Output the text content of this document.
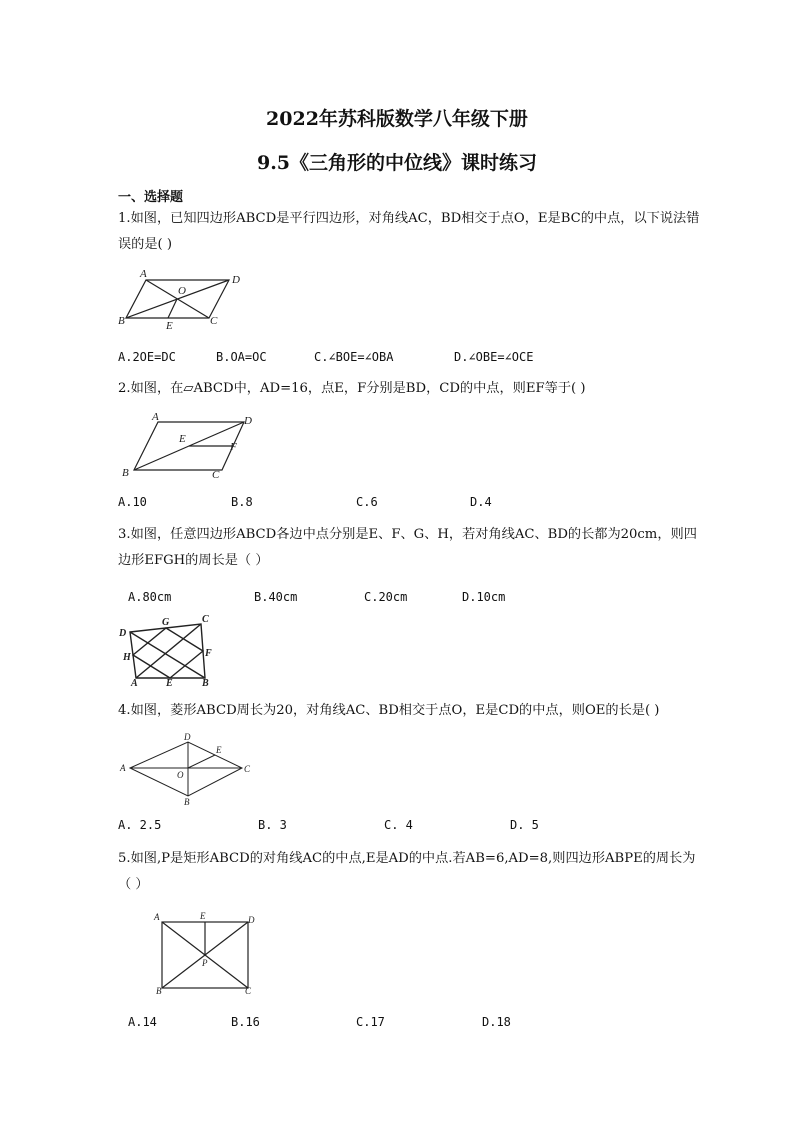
2022年苏科版数学八年级下册
9.5《三角形的中位线》课时练习
一、选择题
1.如图，已知四边形ABCD是平行四边形，对角线AC，BD相交于点O，E是BC的中点，以下说法错误的是( )
A	D
O
B	E	C
A.2OE=DC	B.OA=OC	C.∠BOE=∠OBA	D.∠OBE=∠OCE
2.如图，在▱ABCD中，AD=16，点E，F分别是BD，CD的中点，则EF等于( )
A	D
E
F
B	C
A.10	B.8	C.6	D.4
3.如图，任意四边形ABCD各边中点分别是E、F、G、H，若对角线AC、BD的长都为20cm，则四边形EFGH的周长是（ ）
A.80cm	B.40cm	C.20cm	D.10cm
D
G	C
H	F
A	E	B
4.如图，菱形ABCD周长为20，对角线AC、BD相交于点O，E是CD的中点，则OE的长是( )
D
E
A
O
C
B
A. 2.5	B. 3	C. 4	D. 5
5.如图,P是矩形ABCD的对角线AC的中点,E是AD的中点.若AB=6,AD=8,则四边形ABPE的周长为（ ）
A	E	D
P
B	C
A.14	B.16	C.17	D.18
